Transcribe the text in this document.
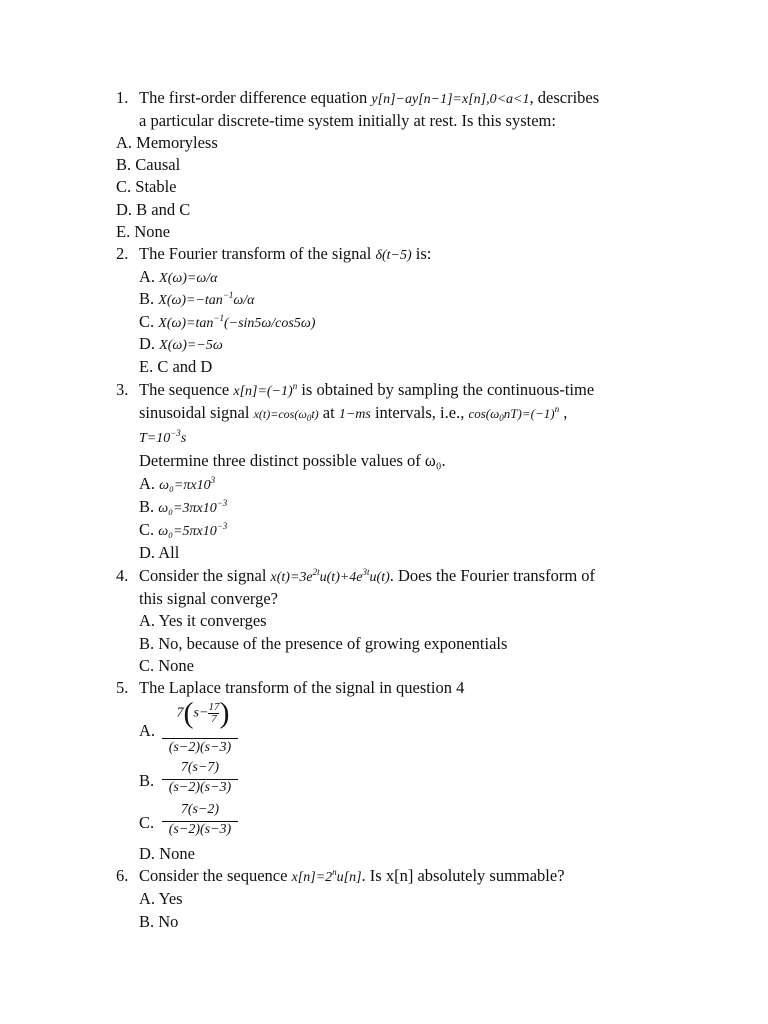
1. The first-order difference equation y[n]−ay[n−1]=x[n],0<a<1, describes
a particular discrete-time system initially at rest. Is this system:
A. Memoryless
B. Causal
C. Stable
D. B and C
E. None
2. The Fourier transform of the signal δ(t−5) is:
A. X(ω)=ω/α
B. $X(\omega)=-\tan^{-1}\omega/\alpha$
C. $X(\omega)=\tan^{-1}(-\sin 5\omega/\cos 5\omega)$
D. X(ω)=−5ω
E. C and D
3. The sequence $x[n]=(-1)^n$ is obtained by sampling the continuous-time
sinusoidal signal $x(t)=\cos(\omega_0t)$ at 1−ms intervals, i.e., $\cos(\omega_0nT)=(-1)^n$ ,
$T=10^{-3}s$
Determine three distinct possible values of ω₀.
A. $\omega_0=\pi x10^3$
B. $\omega_0=3\pi x10^{-3}$
C. $\omega_0=5\pi x10^{-3}$
D. All
4. Consider the signal $x(t)=3e^{2t}u(t)+4e^{3t}u(t)$. Does the Fourier transform of
this signal converge?
A. Yes it converges
B. No, because of the presence of growing exponentials
C. None
5. The Laplace transform of the signal in question 4
A.
$7(s- \frac{17}{7}$ )
(s−2)(s−3)
B.
7(s−7)
(s−2)(s−3)
C.
7(s−2)
(s−2)(s−3)
D. None
6. Consider the sequence $x[n]=2^nu[n]$. Is x[n] absolutely summable?
A. Yes
B. No
